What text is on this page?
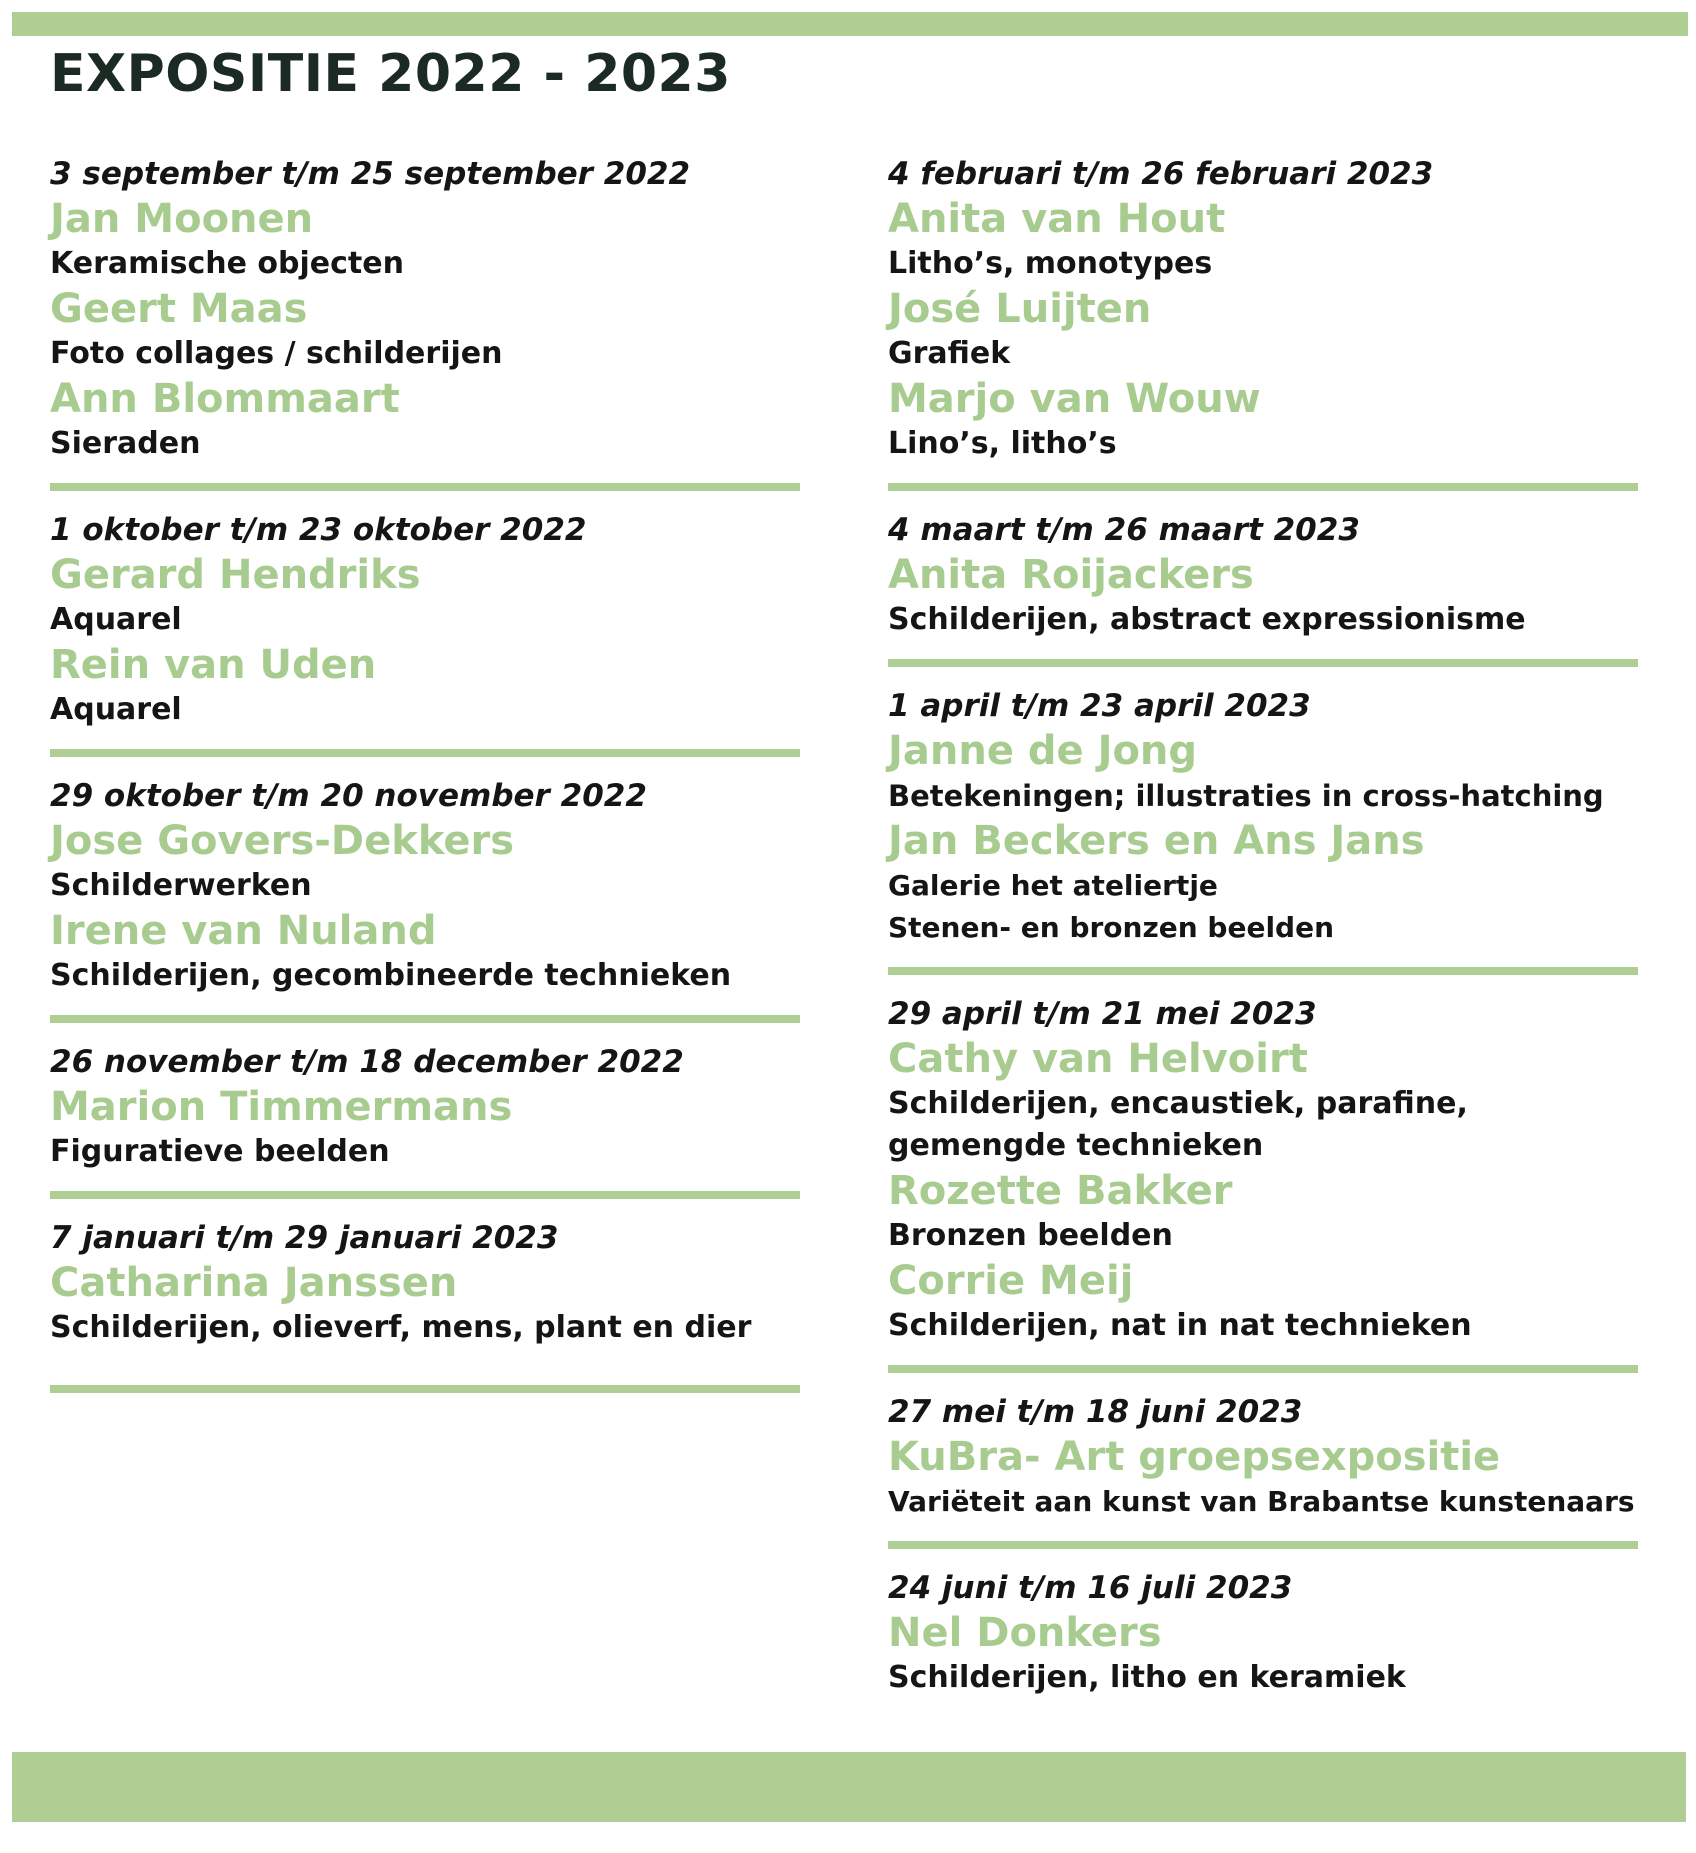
EXPOSITIE 2022 - 2023
3 september t/m 25 september 2022
Jan Moonen
Keramische objecten
Geert Maas
Foto collages / schilderijen
Ann Blommaart
Sieraden
1 oktober t/m 23 oktober 2022
Gerard Hendriks
Aquarel
Rein van Uden
Aquarel
29 oktober t/m 20 november 2022
Jose Govers-Dekkers
Schilderwerken
Irene van Nuland
Schilderijen, gecombineerde technieken
26 november t/m 18 december 2022
Marion Timmermans
Figuratieve beelden
7 januari t/m 29 januari 2023
Catharina Janssen
Schilderijen, olieverf, mens, plant en dier
4 februari t/m 26 februari 2023
Anita van Hout
Litho’s, monotypes
José Luijten
Grafiek
Marjo van Wouw
Lino’s, litho’s
4 maart t/m 26 maart 2023
Anita Roijackers
Schilderijen, abstract expressionisme
1 april t/m 23 april 2023
Janne de Jong
Betekeningen; illustraties in cross-hatching
Jan Beckers en Ans Jans
Galerie het ateliertje
Stenen- en bronzen beelden
29 april t/m 21 mei 2023
Cathy van Helvoirt
Schilderijen, encaustiek, parafine,
gemengde technieken
Rozette Bakker
Bronzen beelden
Corrie Meij
Schilderijen, nat in nat technieken
27 mei t/m 18 juni 2023
KuBra- Art groepsexpositie
Variëteit aan kunst van Brabantse kunstenaars
24 juni t/m 16 juli 2023
Nel Donkers
Schilderijen, litho en keramiek
